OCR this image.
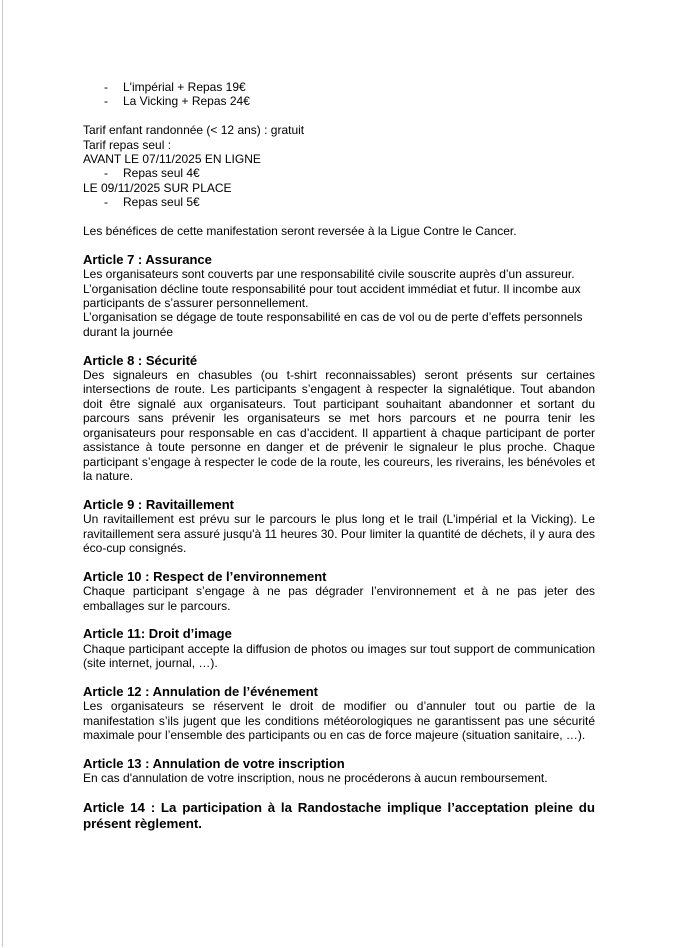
- L'impérial + Repas 19€
- La Vicking + Repas 24€

Tarif enfant randonnée (< 12 ans) : gratuit

Tarif repas seul :

AVANT LE 07/11/2025 EN LIGNE

- Repas seul 4€

LE 09/11/2025 SUR PLACE

- Repas seul 5€

Les bénéfices de cette manifestation seront reversée à la Ligue Contre le Cancer.

Article 7 : Assurance

Les organisateurs sont couverts par une responsabilité civile souscrite auprès d’un assureur. L’organisation décline toute responsabilité pour tout accident immédiat et futur. Il incombe aux participants de s’assurer personnellement.

L’organisation se dégage de toute responsabilité en cas de vol ou de perte d’effets personnels durant la journée

Article 8 : Sécurité

Des signaleurs en chasubles (ou t-shirt reconnaissables) seront présents sur certaines intersections de route. Les participants s’engagent à respecter la signalétique. Tout abandon doit être signalé aux organisateurs. Tout participant souhaitant abandonner et sortant du parcours sans prévenir les organisateurs se met hors parcours et ne pourra tenir les organisateurs pour responsable en cas d’accident. Il appartient à chaque participant de porter assistance à toute personne en danger et de prévenir le signaleur le plus proche. Chaque participant s’engage à respecter le code de la route, les coureurs, les riverains, les bénévoles et la nature.

Article 9 : Ravitaillement

Un ravitaillement est prévu sur le parcours le plus long et le trail (L'impérial et la Vicking). Le ravitaillement sera assuré jusqu'à 11 heures 30. Pour limiter la quantité de déchets, il y aura des éco-cup consignés.

Article 10 : Respect de l’environnement

Chaque participant s’engage à ne pas dégrader l’environnement et à ne pas jeter des emballages sur le parcours.

Article 11: Droit d’image

Chaque participant accepte la diffusion de photos ou images sur tout support de communication (site internet, journal, …).

Article 12 : Annulation de l’événement

Les organisateurs se réservent le droit de modifier ou d’annuler tout ou partie de la manifestation s’ils jugent que les conditions météorologiques ne garantissent pas une sécurité maximale pour l’ensemble des participants ou en cas de force majeure (situation sanitaire, …).

Article 13 : Annulation de votre inscription

En cas d'annulation de votre inscription, nous ne procéderons à aucun remboursement.

Article 14 : La participation à la Randostache implique l’acceptation pleine du présent règlement.
